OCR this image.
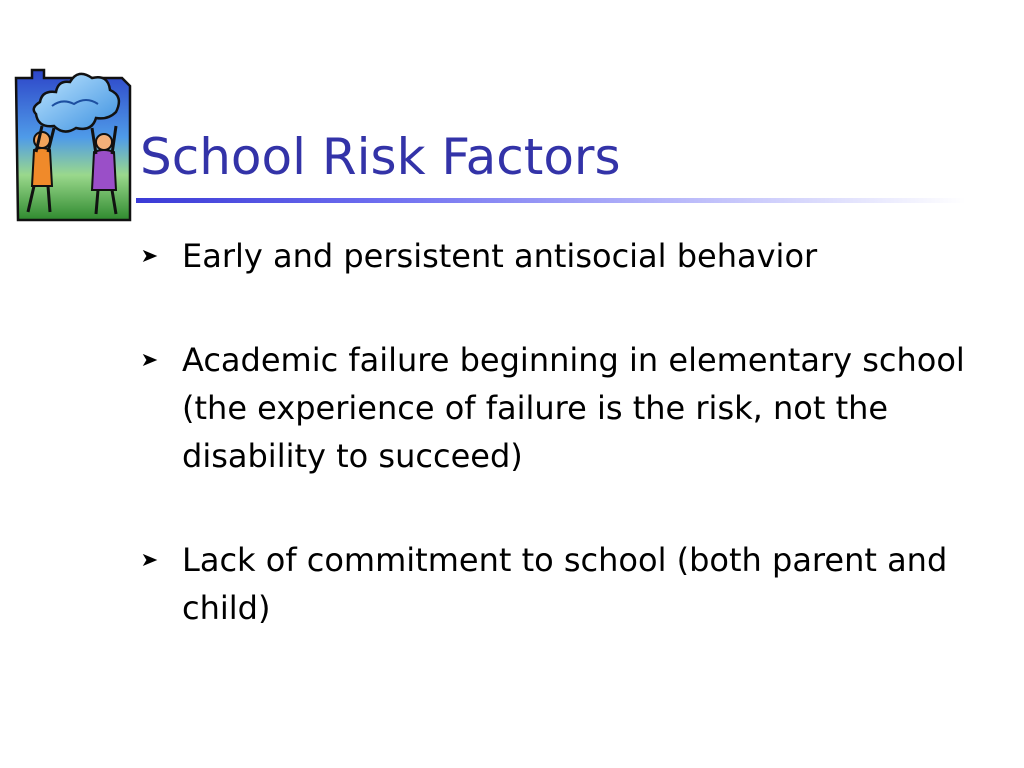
School Risk Factors
Early and persistent antisocial behavior
Academic failure beginning in elementary school (the experience of failure is the risk, not the disability to succeed)
Lack of commitment to school (both parent and child)
